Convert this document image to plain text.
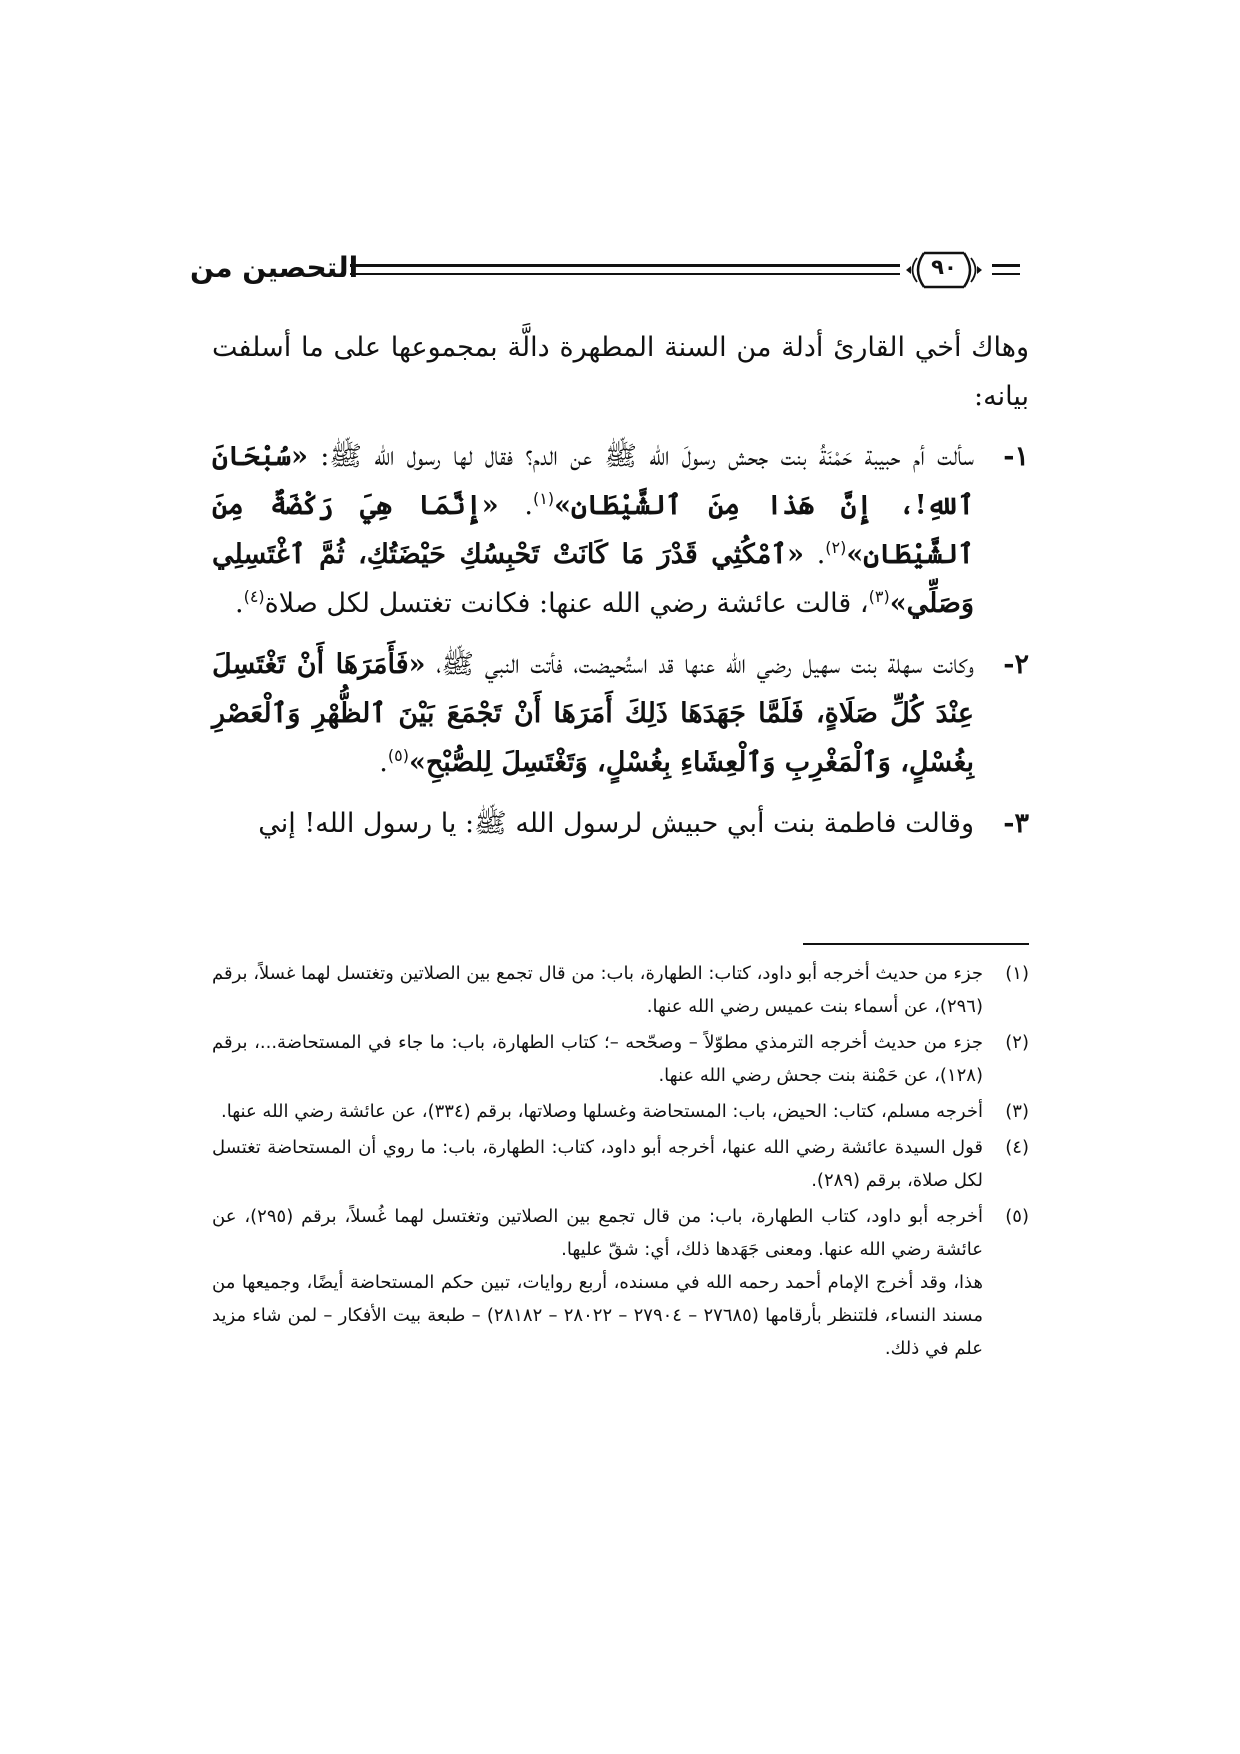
التحصين من	٩٠

وهاك أخي القارئ أدلة من السنة المطهرة دالَّة بمجموعها على ما أسلفت بيانه:

١-
سألت أم حبيبة حَمْنَةُ بنت جحش رسولَ الله ﷺ عن الدم؟ فقال لها رسول الله ﷺ: «سُبْحَانَ ٱللهِ!، إِنَّ هَذا مِنَ ٱلشَّيْطَانِ»$^{(١)}$. «إِنَّمَا هِيَ رَكْضَةٌ مِنَ ٱلشَّيْطَانِ»$^{(٢)}$. «ٱمْكُثِي قَدْرَ مَا كَانَتْ تَحْبِسُكِ حَيْضَتُكِ، ثُمَّ ٱغْتَسِلِي وَصَلِّي»$^{(٣)}$، قالت عائشة رضي الله عنها: فكانت تغتسل لكل صلاة$^{(٤)}$.
٢-
وكانت سهلة بنت سهيل رضي الله عنها قد استُحيضت، فأتت النبي ﷺ، «فَأَمَرَهَا أَنْ تَغْتَسِلَ عِنْدَ كُلِّ صَلَاةٍ، فَلَمَّا جَهَدَهَا ذَلِكَ أَمَرَهَا أَنْ تَجْمَعَ بَيْنَ ٱلظُّهْرِ وَٱلْعَصْرِ بِغُسْلٍ، وَٱلْمَغْرِبِ وَٱلْعِشَاءِ بِغُسْلٍ، وَتَغْتَسِلَ لِلصُّبْحِ»$^{(٥)}$.
٣-
وقالت فاطمة بنت أبي حبيش لرسول الله ﷺ: يا رسول الله! إني
(١)
جزء من حديث أخرجه أبو داود، كتاب: الطهارة، باب: من قال تجمع بين الصلاتين وتغتسل لهما غسلاً، برقم (٢٩٦)، عن أسماء بنت عميس رضي الله عنها.
(٢)
جزء من حديث أخرجه الترمذي مطوّلاً – وصحّحه –؛ كتاب الطهارة، باب: ما جاء في المستحاضة...، برقم (١٢٨)، عن حَمْنة بنت جحش رضي الله عنها.
(٣)
أخرجه مسلم، كتاب: الحيض، باب: المستحاضة وغسلها وصلاتها، برقم (٣٣٤)، عن عائشة رضي الله عنها.
(٤)
قول السيدة عائشة رضي الله عنها، أخرجه أبو داود، كتاب: الطهارة، باب: ما روي أن المستحاضة تغتسل لكل صلاة، برقم (٢٨٩).
(٥)
أخرجه أبو داود، كتاب الطهارة، باب: من قال تجمع بين الصلاتين وتغتسل لهما غُسلاً، برقم (٢٩٥)، عن عائشة رضي الله عنها. ومعنى جَهَدها ذلك، أي: شقّ عليها.
هذا، وقد أخرج الإمام أحمد رحمه الله في مسنده، أربع روايات، تبين حكم المستحاضة أيضًا، وجميعها من مسند النساء، فلتنظر بأرقامها (٢٧٦٨٥ – ٢٧٩٠٤ – ٢٨٠٢٢ – ٢٨١٨٢) – طبعة بيت الأفكار – لمن شاء مزيد علم في ذلك.
